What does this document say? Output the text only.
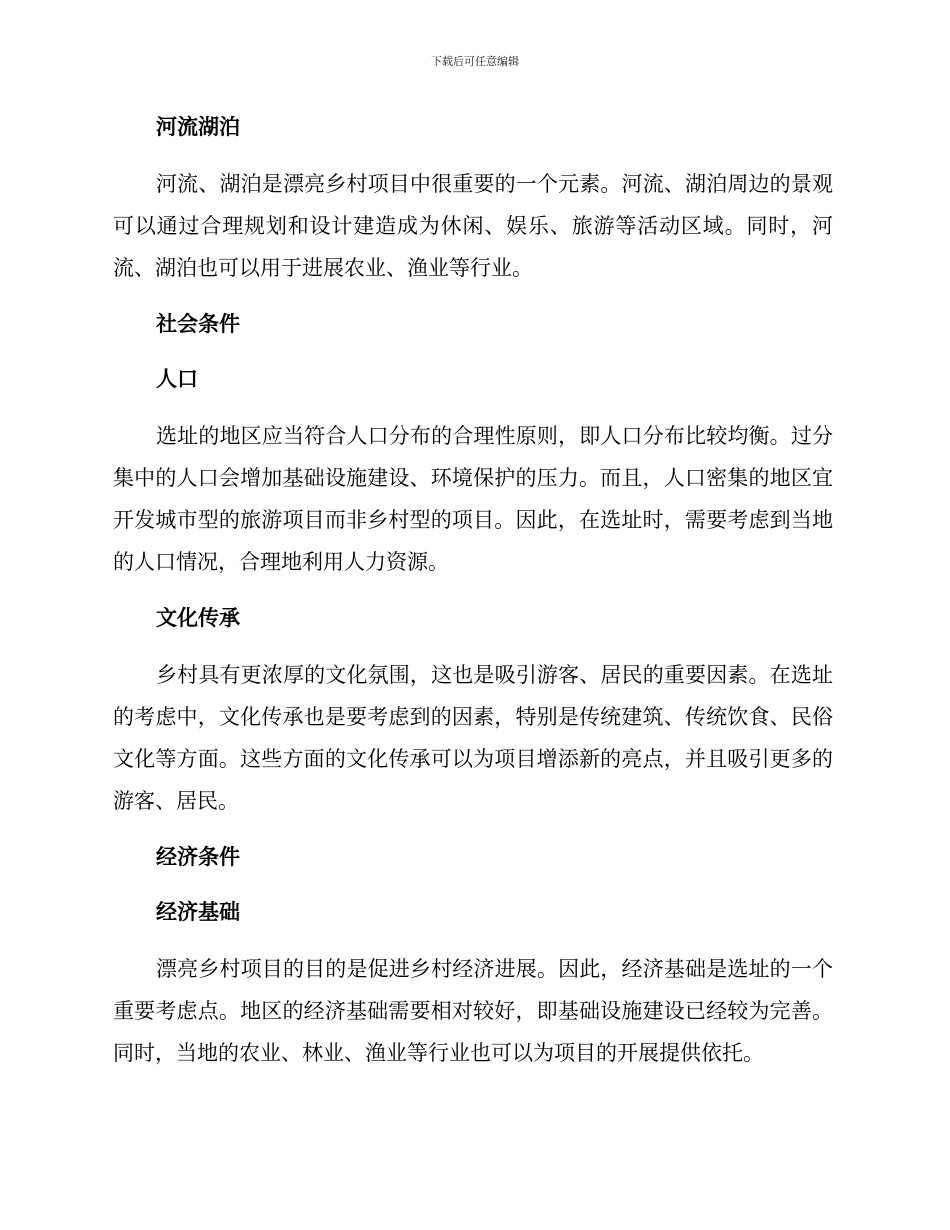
下载后可任意编辑
河流湖泊

河流、湖泊是漂亮乡村项目中很重要的一个元素。河流、湖泊周边的景观可以通过合理规划和设计建造成为休闲、娱乐、旅游等活动区域。同时，河流、湖泊也可以用于进展农业、渔业等行业。

社会条件
人口

选址的地区应当符合人口分布的合理性原则，即人口分布比较均衡。过分集中的人口会增加基础设施建设、环境保护的压力。而且，人口密集的地区宜开发城市型的旅游项目而非乡村型的项目。因此，在选址时，需要考虑到当地的人口情况，合理地利用人力资源。

文化传承

乡村具有更浓厚的文化氛围，这也是吸引游客、居民的重要因素。在选址的考虑中，文化传承也是要考虑到的因素，特别是传统建筑、传统饮食、民俗文化等方面。这些方面的文化传承可以为项目增添新的亮点，并且吸引更多的游客、居民。

经济条件
经济基础

漂亮乡村项目的目的是促进乡村经济进展。因此，经济基础是选址的一个重要考虑点。地区的经济基础需要相对较好，即基础设施建设已经较为完善。同时，当地的农业、林业、渔业等行业也可以为项目的开展提供依托。
